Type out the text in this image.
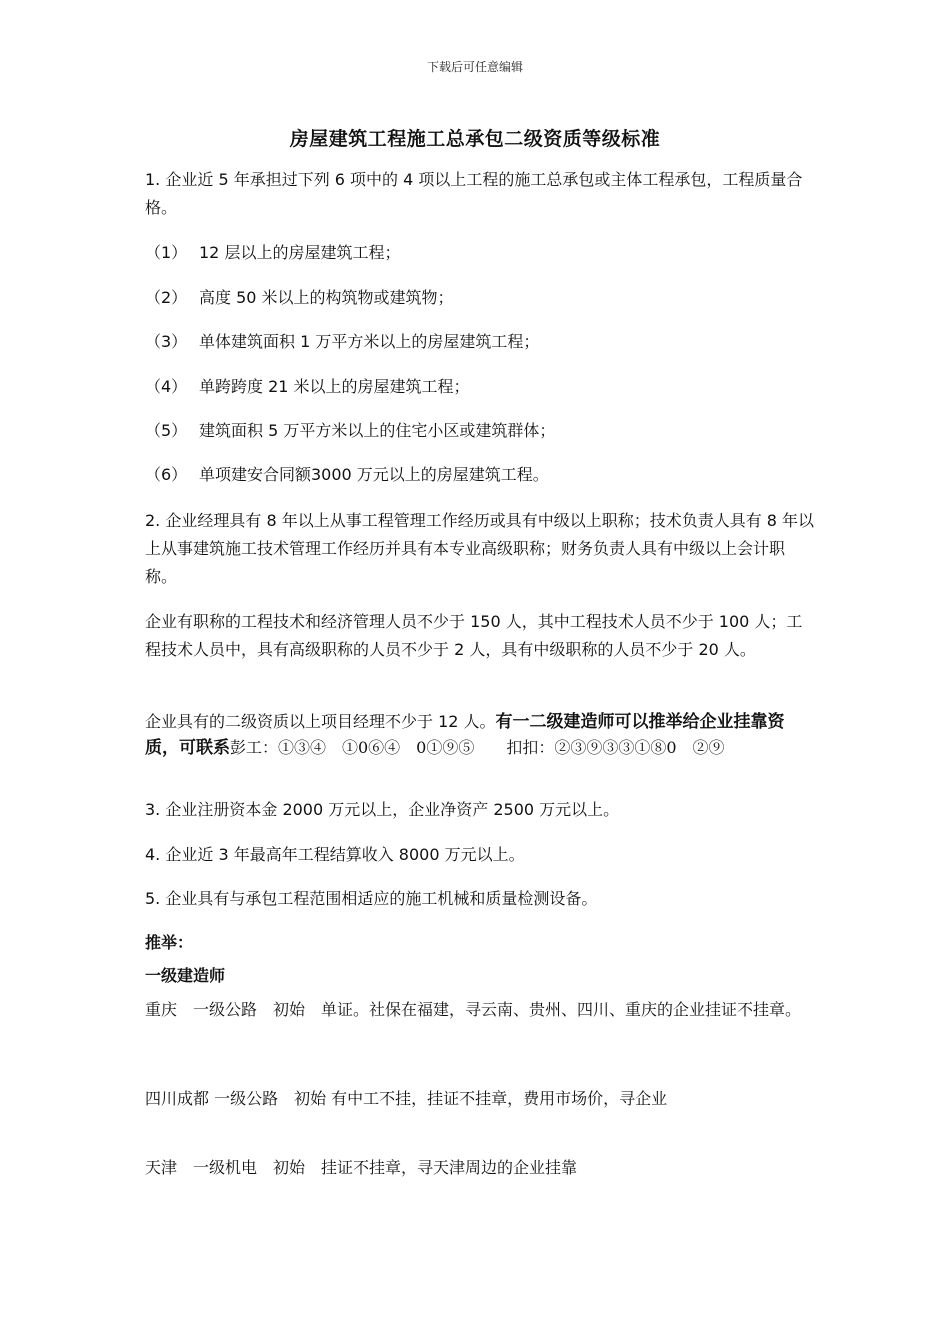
下载后可任意编辑
房屋建筑工程施工总承包二级资质等级标准
1. 企业近 5 年承担过下列 6 项中的 4 项以上工程的施工总承包或主体工程承包，工程质量合格。
（1） 12 层以上的房屋建筑工程；
（2） 高度 50 米以上的构筑物或建筑物；
（3） 单体建筑面积 1 万平方米以上的房屋建筑工程；
（4） 单跨跨度 21 米以上的房屋建筑工程；
（5） 建筑面积 5 万平方米以上的住宅小区或建筑群体；
（6） 单项建安合同额3000 万元以上的房屋建筑工程。
2. 企业经理具有 8 年以上从事工程管理工作经历或具有中级以上职称；技术负责人具有 8 年以上从事建筑施工技术管理工作经历并具有本专业高级职称；财务负责人具有中级以上会计职称。
企业有职称的工程技术和经济管理人员不少于 150 人，其中工程技术人员不少于 100 人；工程技术人员中，具有高级职称的人员不少于 2 人，具有中级职称的人员不少于 20 人。
企业具有的二级资质以上项目经理不少于 12 人。有一二级建造师可以推举给企业挂靠资质，可联系彭工：①③④　①0⑥④　0①⑨⑤　　扣扣：②③⑨③③①⑧0　②⑨
3. 企业注册资本金 2000 万元以上，企业净资产 2500 万元以上。
4. 企业近 3 年最高年工程结算收入 8000 万元以上。
5. 企业具有与承包工程范围相适应的施工机械和质量检测设备。
推举：
一级建造师
重庆　一级公路　初始　单证。社保在福建，寻云南、贵州、四川、重庆的企业挂证不挂章。
四川成都 一级公路　初始 有中工不挂，挂证不挂章，费用市场价，寻企业
天津　一级机电　初始　挂证不挂章，寻天津周边的企业挂靠
